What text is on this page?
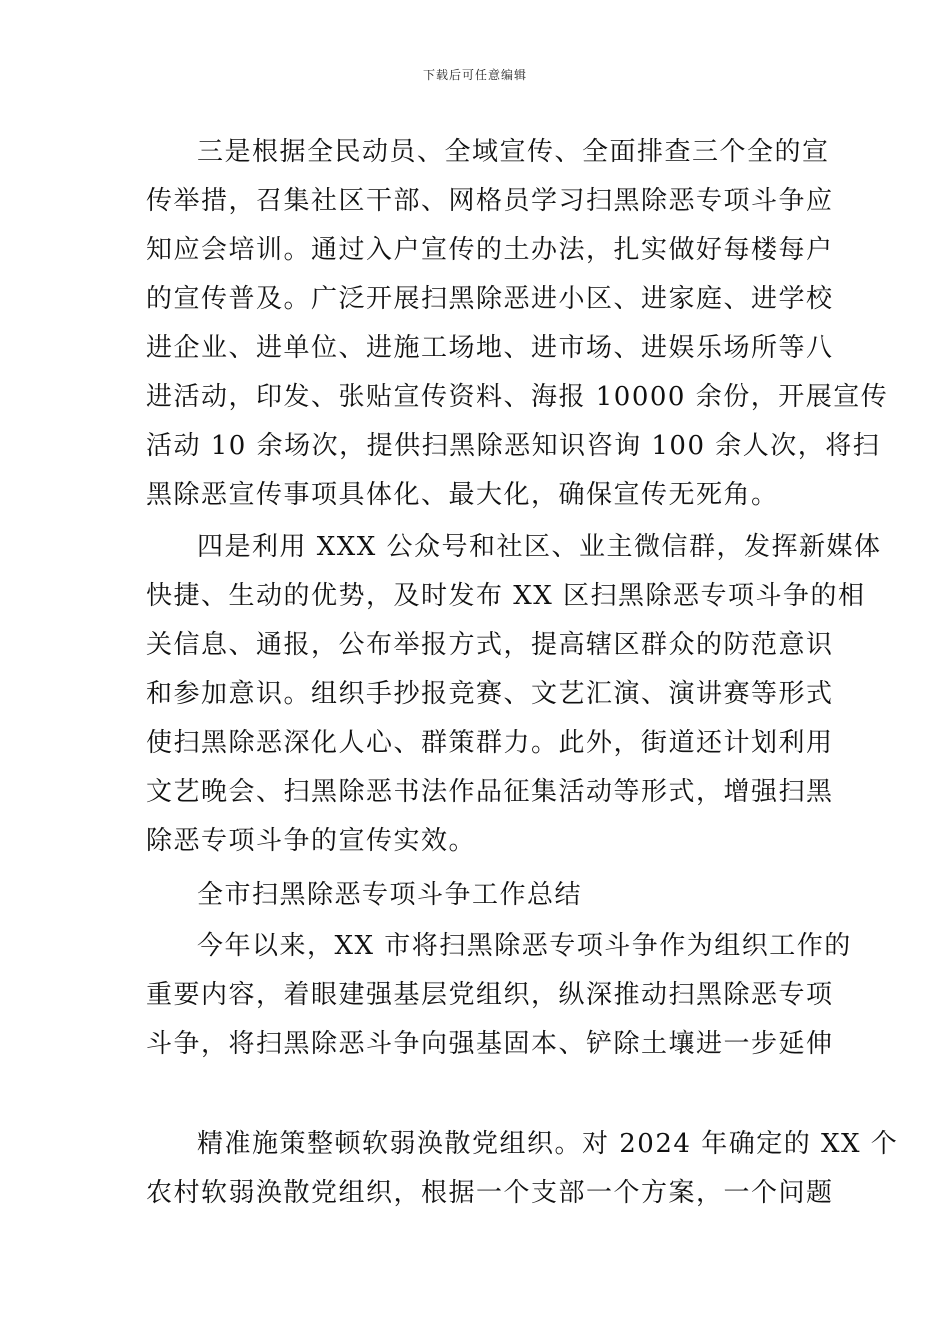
下载后可任意编辑
三是根据全民动员、全域宣传、全面排查三个全的宣
传举措，召集社区干部、网格员学习扫黑除恶专项斗争应
知应会培训。通过入户宣传的土办法，扎实做好每楼每户
的宣传普及。广泛开展扫黑除恶进小区、进家庭、进学校
进企业、进单位、进施工场地、进市场、进娱乐场所等八
进活动，印发、张贴宣传资料、海报 10000 余份，开展宣传
活动 10 余场次，提供扫黑除恶知识咨询 100 余人次，将扫
黑除恶宣传事项具体化、最大化，确保宣传无死角。
四是利用 XXX 公众号和社区、业主微信群，发挥新媒体
快捷、生动的优势，及时发布 XX 区扫黑除恶专项斗争的相
关信息、通报，公布举报方式，提高辖区群众的防范意识
和参加意识。组织手抄报竞赛、文艺汇演、演讲赛等形式
使扫黑除恶深化人心、群策群力。此外，街道还计划利用
文艺晚会、扫黑除恶书法作品征集活动等形式，增强扫黑
除恶专项斗争的宣传实效。
全市扫黑除恶专项斗争工作总结
今年以来，XX 市将扫黑除恶专项斗争作为组织工作的
重要内容，着眼建强基层党组织，纵深推动扫黑除恶专项
斗争，将扫黑除恶斗争向强基固本、铲除土壤进一步延伸
精准施策整顿软弱涣散党组织。对 2024 年确定的 XX 个
农村软弱涣散党组织，根据一个支部一个方案，一个问题
